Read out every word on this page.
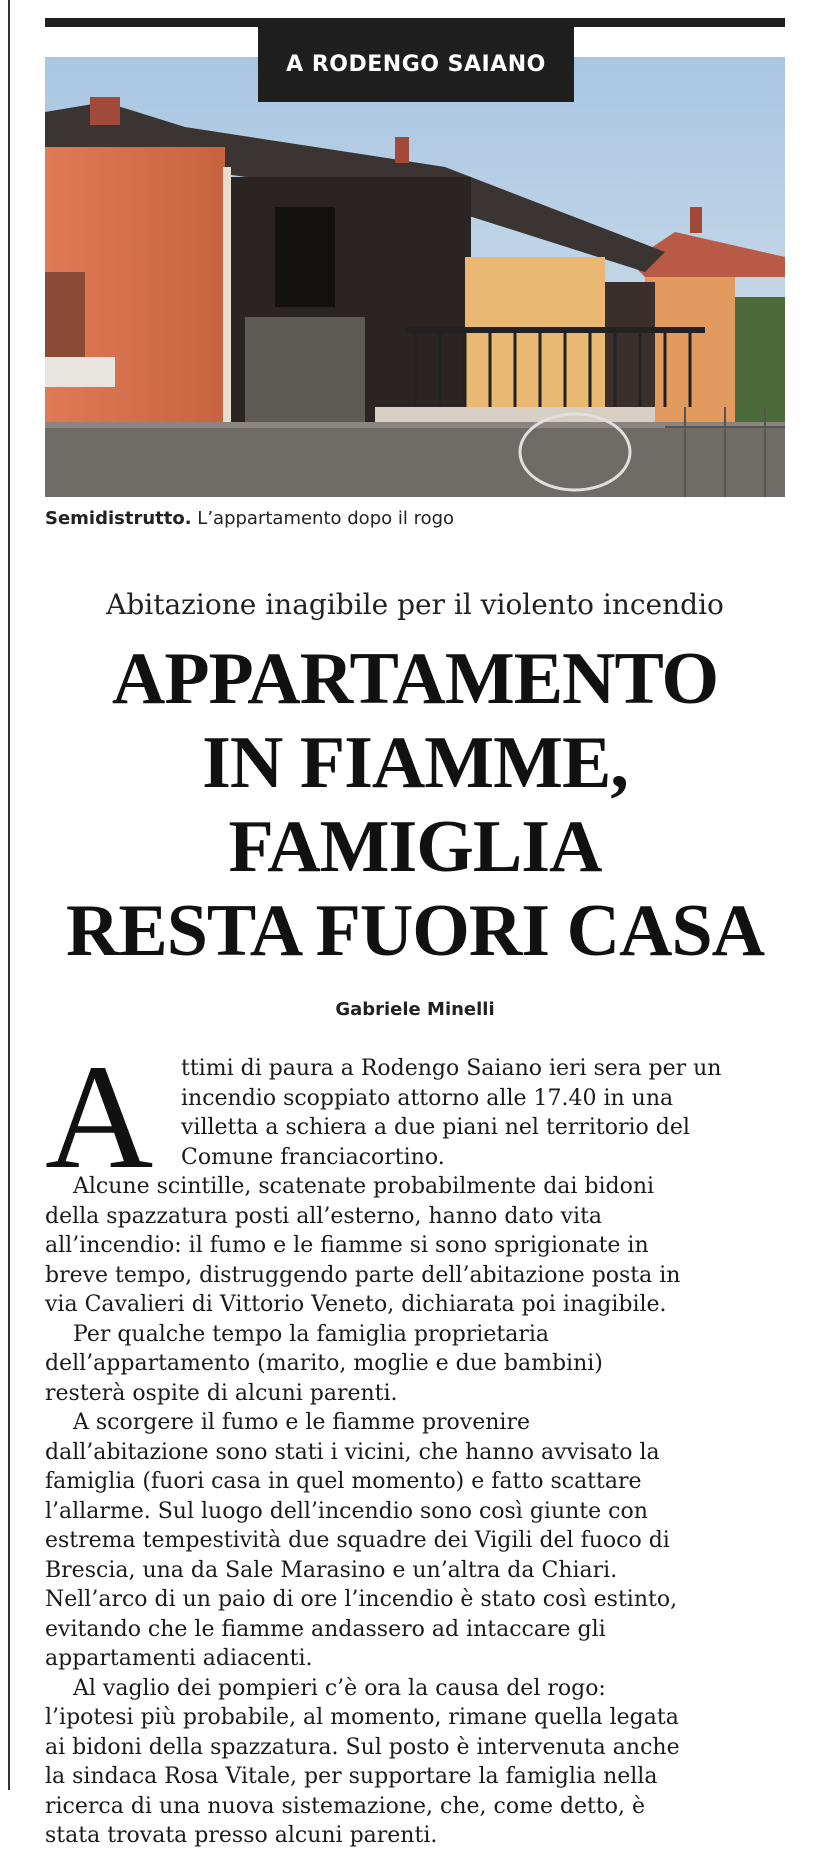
A RODENGO SAIANO
Semidistrutto. L’appartamento dopo il rogo
Abitazione inagibile per il violento incendio
APPARTAMENTO
IN FIAMME, FAMIGLIA
RESTA FUORI CASA
Gabriele Minelli
A ttimi di paura a Rodengo Saiano ieri sera per un

incendio scoppiato attorno alle 17.40 in una

villetta a schiera a due piani nel territorio del

Comune franciacortino.

Alcune scintille, scatenate probabilmente dai bidoni

della spazzatura posti all’esterno, hanno dato vita

all’incendio: il fumo e le fiamme si sono sprigionate in

breve tempo, distruggendo parte dell’abitazione posta in

via Cavalieri di Vittorio Veneto, dichiarata poi inagibile.

Per qualche tempo la famiglia proprietaria

dell’appartamento (marito, moglie e due bambini)

resterà ospite di alcuni parenti.

A scorgere il fumo e le fiamme provenire

dall’abitazione sono stati i vicini, che hanno avvisato la

famiglia (fuori casa in quel momento) e fatto scattare

l’allarme. Sul luogo dell’incendio sono così giunte con

estrema tempestività due squadre dei Vigili del fuoco di

Brescia, una da Sale Marasino e un’altra da Chiari.

Nell’arco di un paio di ore l’incendio è stato così estinto,

evitando che le fiamme andassero ad intaccare gli

appartamenti adiacenti.

Al vaglio dei pompieri c’è ora la causa del rogo:

l’ipotesi più probabile, al momento, rimane quella legata

ai bidoni della spazzatura. Sul posto è intervenuta anche

la sindaca Rosa Vitale, per supportare la famiglia nella

ricerca di una nuova sistemazione, che, come detto, è

stata trovata presso alcuni parenti.
